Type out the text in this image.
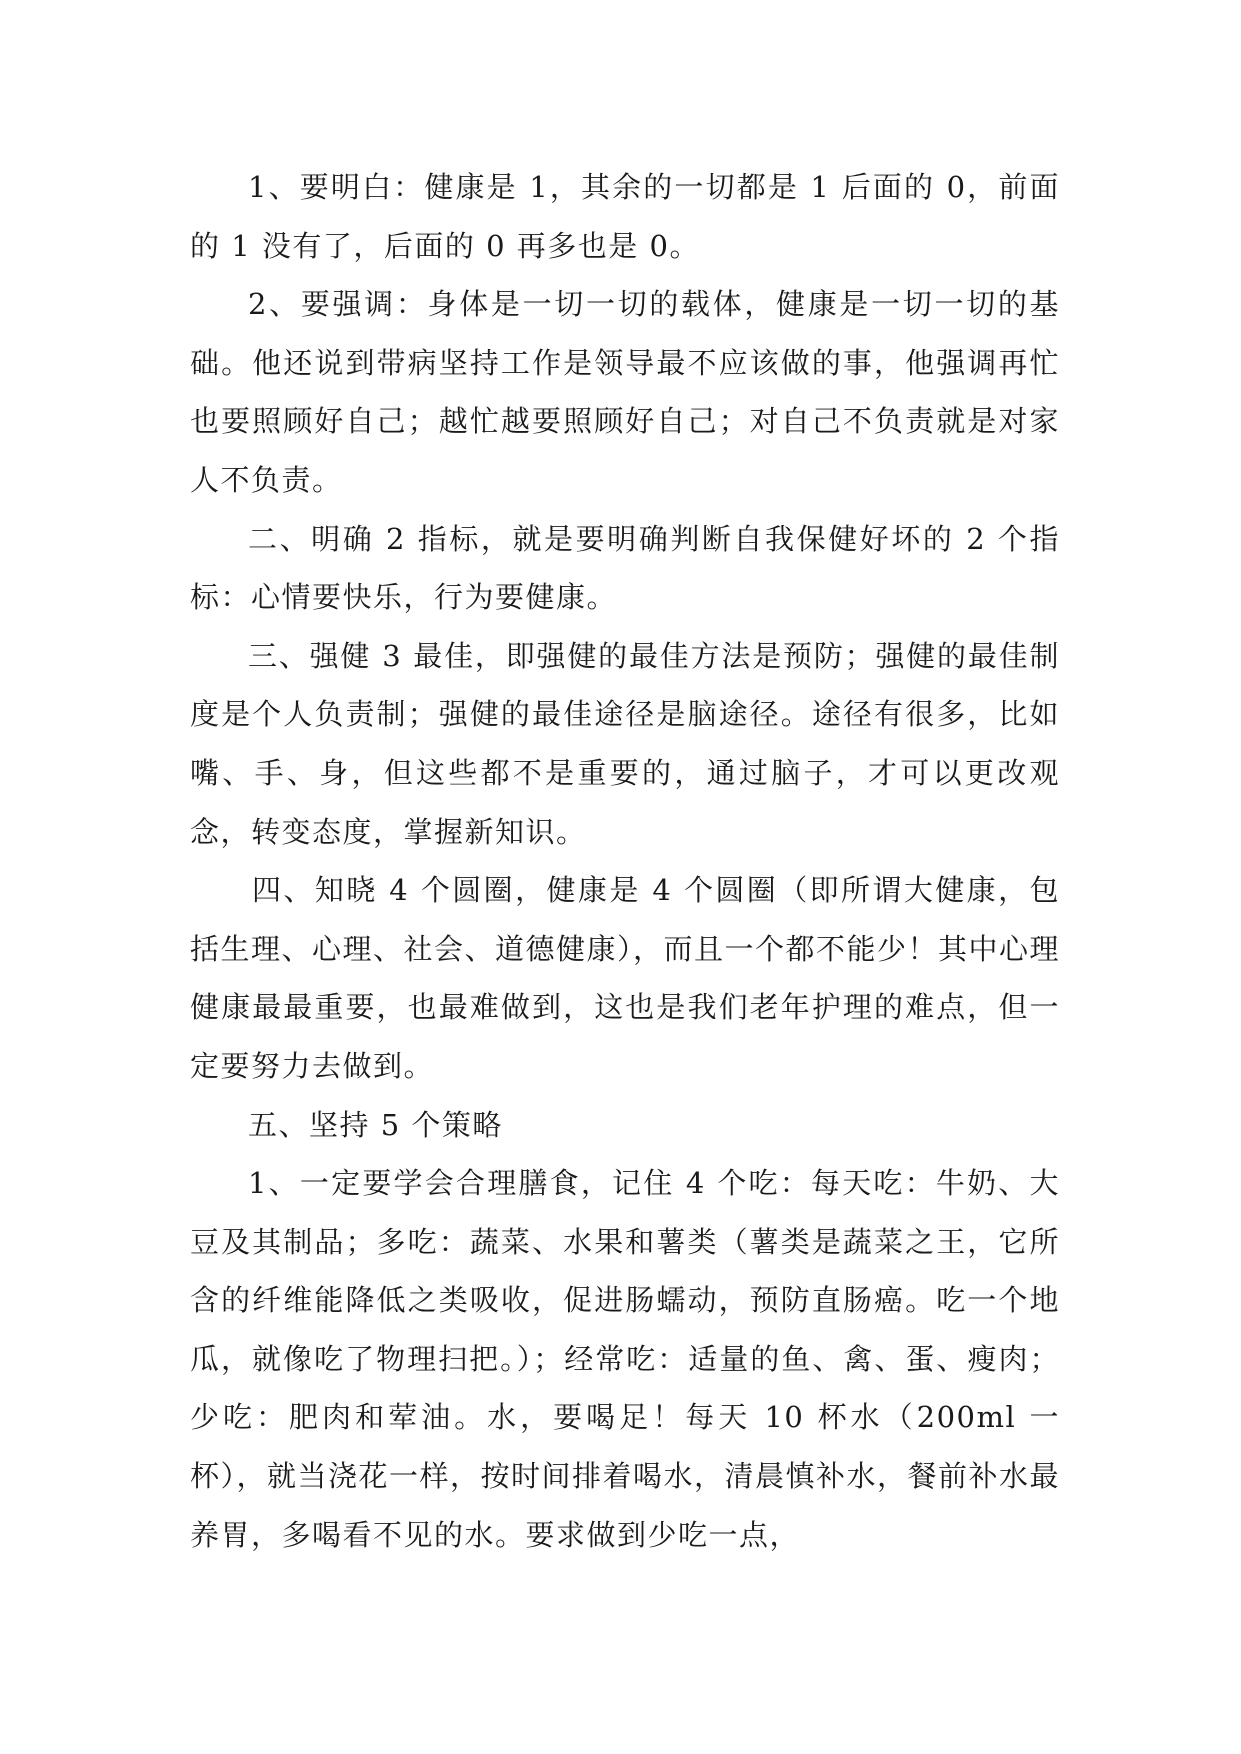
1、要明白：健康是 1，其余的一切都是 1 后面的 0，前面的 1 没有了，后面的 0 再多也是 0。

2、要强调：身体是一切一切的载体，健康是一切一切的基础。他还说到带病坚持工作是领导最不应该做的事，他强调再忙也要照顾好自己；越忙越要照顾好自己；对自己不负责就是对家人不负责。

二、明确 2 指标，就是要明确判断自我保健好坏的 2 个指标：心情要快乐，行为要健康。

三、强健 3 最佳，即强健的最佳方法是预防；强健的最佳制度是个人负责制；强健的最佳途径是脑途径。途径有很多，比如嘴、手、身，但这些都不是重要的，通过脑子，才可以更改观念，转变态度，掌握新知识。

四、知晓 4 个圆圈，健康是 4 个圆圈（即所谓大健康，包括生理、心理、社会、道德健康），而且一个都不能少！其中心理健康最最重要，也最难做到，这也是我们老年护理的难点，但一定要努力去做到。

五、坚持 5 个策略

1、一定要学会合理膳食，记住 4 个吃：每天吃：牛奶、大豆及其制品；多吃：蔬菜、水果和薯类（薯类是蔬菜之王，它所含的纤维能降低之类吸收，促进肠蠕动，预防直肠癌。吃一个地瓜，就像吃了物理扫把。）；经常吃：适量的鱼、禽、蛋、瘦肉；少吃：肥肉和荤油。水，要喝足！每天 10 杯水（200ml 一杯），就当浇花一样，按时间排着喝水，清晨慎补水，餐前补水最养胃，多喝看不见的水。要求做到少吃一点，
